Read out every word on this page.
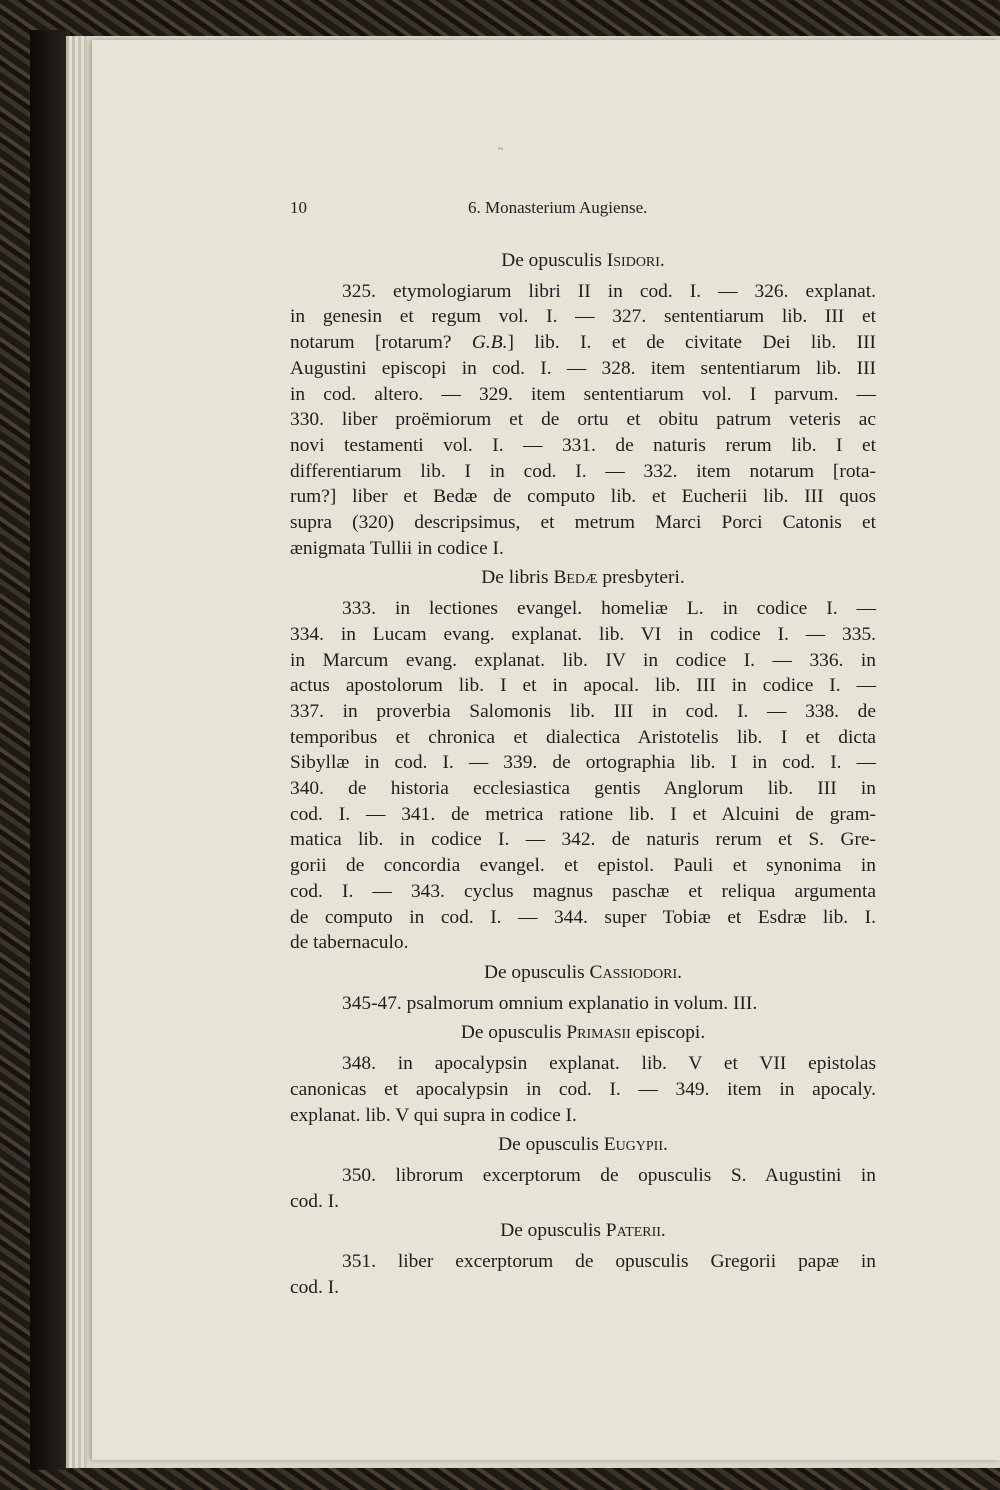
~
10	6. Monasterium Augiense.
De opusculis Isidori.

325. etymologiarum libri II in cod. I. — 326. explanat.
in genesin et regum vol. I. — 327. sententiarum lib. III et
notarum [rotarum? G.B.] lib. I. et de civitate Dei lib. III
Augustini episcopi in cod. I. — 328. item sententiarum lib. III
in cod. altero. — 329. item sententiarum vol. I parvum. —
330. liber proëmiorum et de ortu et obitu patrum veteris ac
novi testamenti vol. I. — 331. de naturis rerum lib. I et
differentiarum lib. I in cod. I. — 332. item notarum [rota-
rum?] liber et Bedæ de computo lib. et Eucherii lib. III quos
supra (320) descripsimus, et metrum Marci Porci Catonis et
ænigmata Tullii in codice I.

De libris Bedæ presbyteri.

333. in lectiones evangel. homeliæ L. in codice I. —
334. in Lucam evang. explanat. lib. VI in codice I. — 335.
in Marcum evang. explanat. lib. IV in codice I. — 336. in
actus apostolorum lib. I et in apocal. lib. III in codice I. —
337. in proverbia Salomonis lib. III in cod. I. — 338. de
temporibus et chronica et dialectica Aristotelis lib. I et dicta
Sibyllæ in cod. I. — 339. de ortographia lib. I in cod. I. —
340. de historia ecclesiastica gentis Anglorum lib. III in
cod. I. — 341. de metrica ratione lib. I et Alcuini de gram-
matica lib. in codice I. — 342. de naturis rerum et S. Gre-
gorii de concordia evangel. et epistol. Pauli et synonima in
cod. I. — 343. cyclus magnus paschæ et reliqua argumenta
de computo in cod. I. — 344. super Tobiæ et Esdræ lib. I.
de tabernaculo.

De opusculis Cassiodori.

345-47. psalmorum omnium explanatio in volum. III.

De opusculis Primasii episcopi.

348. in apocalypsin explanat. lib. V et VII epistolas
canonicas et apocalypsin in cod. I. — 349. item in apocaly.
explanat. lib. V qui supra in codice I.

De opusculis Eugypii.

350. librorum excerptorum de opusculis S. Augustini in
cod. I.

De opusculis Paterii.

351. liber excerptorum de opusculis Gregorii papæ in
cod. I.
